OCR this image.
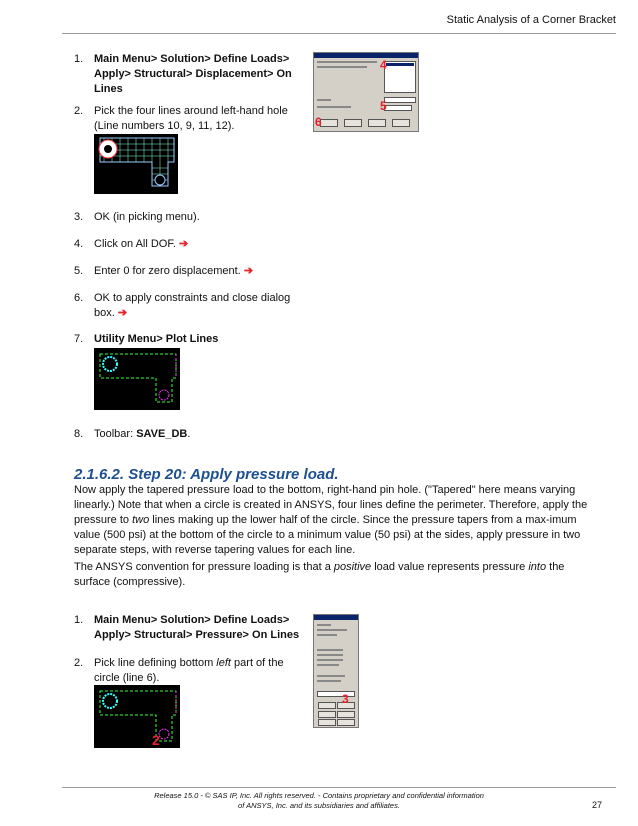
Static Analysis of a Corner Bracket
1. Main Menu> Solution> Define Loads> Apply> Structural> Displacement> On Lines
2. Pick the four lines around left-hand hole (Line numbers 10, 9, 11, 12).
4
5
6
3. OK (in picking menu).
4. Click on All DOF. ➔
5. Enter 0 for zero displacement. ➔
6. OK to apply constraints and close dialog box. ➔
7. Utility Menu> Plot Lines
8. Toolbar: SAVE_DB.
2.1.6.2. Step 20: Apply pressure load.

Now apply the tapered pressure load to the bottom, right-hand pin hole. ("Tapered" here means varying linearly.) Note that when a circle is created in ANSYS, four lines define the perimeter. Therefore, apply the pressure to two lines making up the lower half of the circle. Since the pressure tapers from a max-imum value (500 psi) at the bottom of the circle to a minimum value (50 psi) at the sides, apply pressure in two separate steps, with reverse tapering values for each line.

The ANSYS convention for pressure loading is that a positive load value represents pressure into the surface (compressive).

1. Main Menu> Solution> Define Loads> Apply> Structural> Pressure> On Lines
2. Pick line defining bottom left part of the circle (line 6).
2
3
Release 15.0 - © SAS IP, Inc. All rights reserved. - Contains proprietary and confidential information
of ANSYS, Inc. and its subsidiaries and affiliates.	27
